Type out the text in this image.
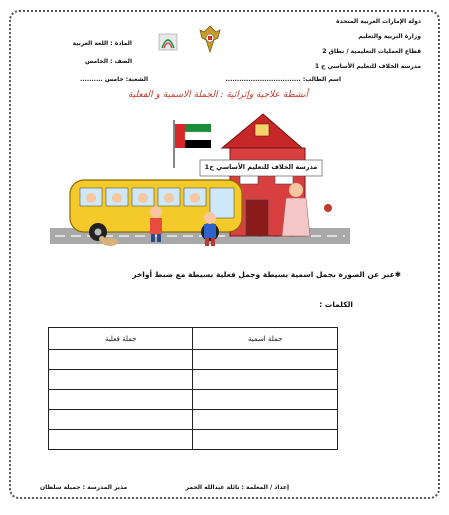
دولة الإمارات العربية المتحدة
وزارة التربية والتعليم
قطاع العمليات التعليمية / نطاق 2
مدرسة الخلاف للتعليم الأساسي ح 1
المادة : اللغة العربية
الصف : الخامس
اسم الطالب: .................................
الشعبة: خامس ..........
أنشطة علاجية وإثرائية : الجملة الاسمية و الفعلية
مدرسة الخلاف للتعليم الأساسي ح1
✱عبر عن الصورة بجمل اسمية بسيطة وجمل فعلية بسيطة مع ضبط أواخر
الكلمات :
جملة فعلية	جملة اسمية

إعداد / المعلمة : نائلة عبدالله الحمر
مدير المدرسة : جميلة سلطان
